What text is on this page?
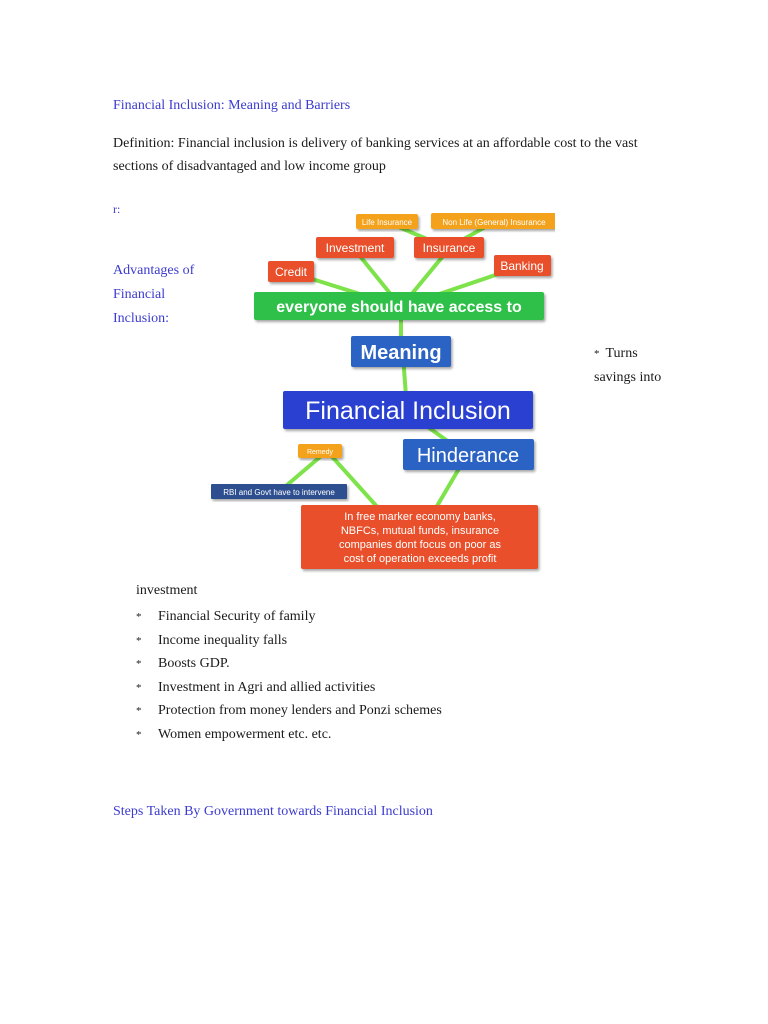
Financial Inclusion: Meaning and Barriers
Definition: Financial inclusion is delivery of banking services at an affordable cost to the vast sections of disadvantaged and low income group
r:
Advantages of Financial Inclusion:
* Turns savings into
Life Insurance	Non Life (General) Insurance
Investment	Insurance
Credit	Banking
everyone should have access to
Meaning
Financial Inclusion
Hinderance
Remedy
RBI and Govt have to intervene
In free marker economy banks,
NBFCs, mutual funds, insurance
companies dont focus on poor as
cost of operation exceeds profit
investment
* Financial Security of family
* Income inequality falls
* Boosts GDP.
* Investment in Agri and allied activities
* Protection from money lenders and Ponzi schemes
* Women empowerment etc. etc.
Steps Taken By Government towards Financial Inclusion
